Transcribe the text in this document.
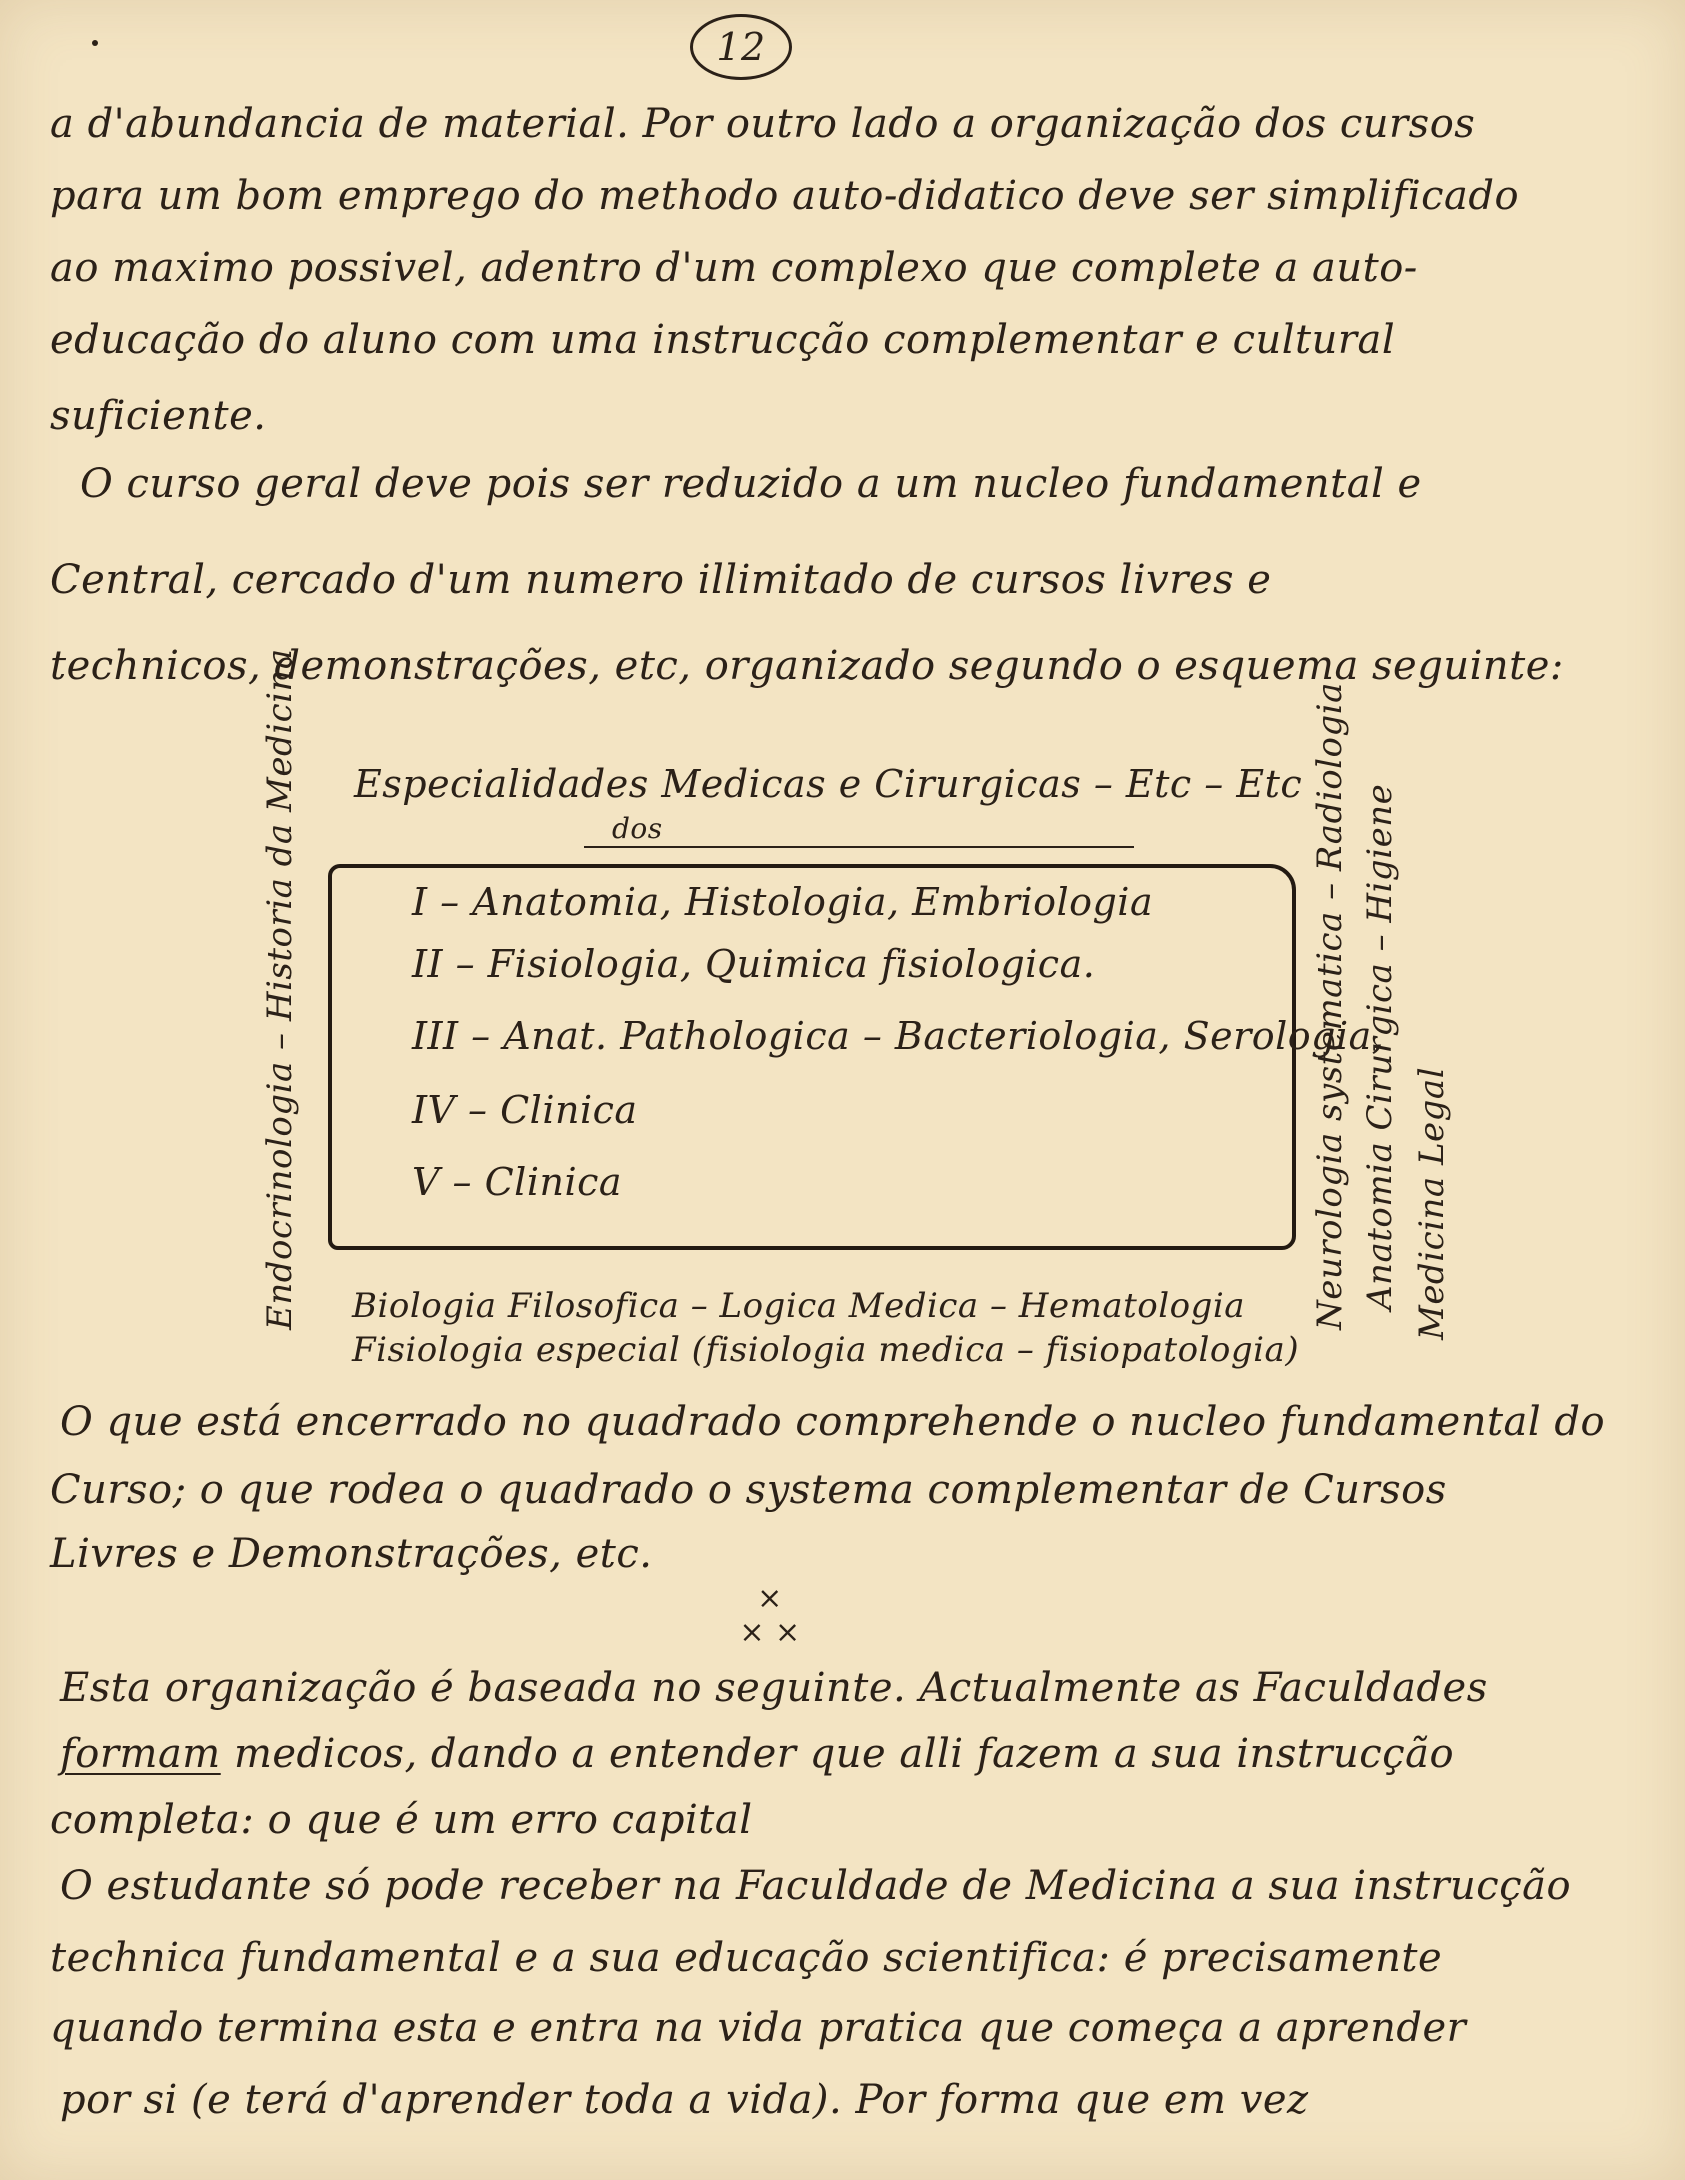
12
a d'abundancia de material. Por outro lado a organização dos cursos
para um bom emprego do methodo auto-didatico deve ser simplificado
ao maximo possivel, adentro d'um complexo que complete a auto-
educação do aluno com uma instrucção complementar e cultural
suficiente.
O curso geral deve pois ser reduzido a um nucleo fundamental e
Central, cercado d'um numero illimitado de cursos livres e
technicos, demonstrações, etc, organizado segundo o esquema seguinte:
Especialidades Medicas e Cirurgicas – Etc – Etc
dos
I – Anatomia, Histologia, Embriologia
II – Fisiologia, Quimica fisiologica.
III – Anat. Pathologica – Bacteriologia, Serologia,
IV – Clinica
V – Clinica
Endocrinologia – Historia da Medicina	Neurologia systematica – Radiologia Anatomia Cirurgica – Higiene Medicina Legal
Biologia Filosofica – Logica Medica – Hematologia
Fisiologia especial (fisiologia medica – fisiopatologia)
O que está encerrado no quadrado comprehende o nucleo fundamental do
Curso; o que rodea o quadrado o systema complementar de Cursos
Livres e Demonstrações, etc.
×
× ×
Esta organização é baseada no seguinte. Actualmente as Faculdades
formam medicos, dando a entender que alli fazem a sua instrucção
completa: o que é um erro capital
O estudante só pode receber na Faculdade de Medicina a sua instrucção
technica fundamental e a sua educação scientifica: é precisamente
quando termina esta e entra na vida pratica que começa a aprender
por si (e terá d'aprender toda a vida). Por forma que em vez
